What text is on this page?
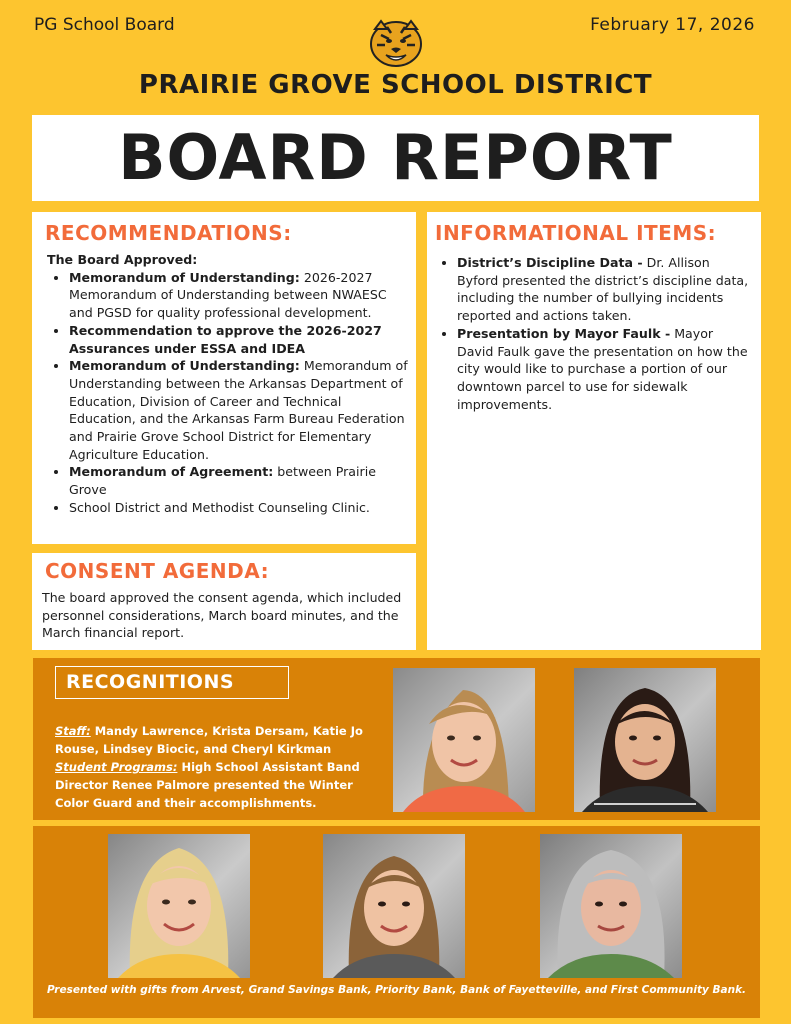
PG School Board	February 17, 2026
PRAIRIE GROVE SCHOOL DISTRICT
BOARD REPORT
RECOMMENDATIONS:
The Board Approved:
• Memorandum of Understanding: 2026-2027 Memorandum of Understanding between NWAESC and PGSD for quality professional development.
• Recommendation to approve the 2026-2027 Assurances under ESSA and IDEA
• Memorandum of Understanding: Memorandum of Understanding between the Arkansas Department of Education, Division of Career and Technical Education, and the Arkansas Farm Bureau Federation and Prairie Grove School District for Elementary Agriculture Education.
• Memorandum of Agreement: between Prairie Grove
• School District and Methodist Counseling Clinic.
INFORMATIONAL ITEMS:
• District’s Discipline Data - Dr. Allison Byford presented the district’s discipline data, including the number of bullying incidents reported and actions taken.
• Presentation by Mayor Faulk - Mayor David Faulk gave the presentation on how the city would like to purchase a portion of our downtown parcel to use for sidewalk improvements.
CONSENT AGENDA:
The board approved the consent agenda, which included personnel considerations, March board minutes, and the March financial report.
RECOGNITIONS
Staff: Mandy Lawrence, Krista Dersam, Katie Jo Rouse, Lindsey Biocic, and Cheryl Kirkman
Student Programs: High School Assistant Band Director Renee Palmore presented the Winter Color Guard and their accomplishments.
Presented with gifts from Arvest, Grand Savings Bank, Priority Bank, Bank of Fayetteville, and First Community Bank.
